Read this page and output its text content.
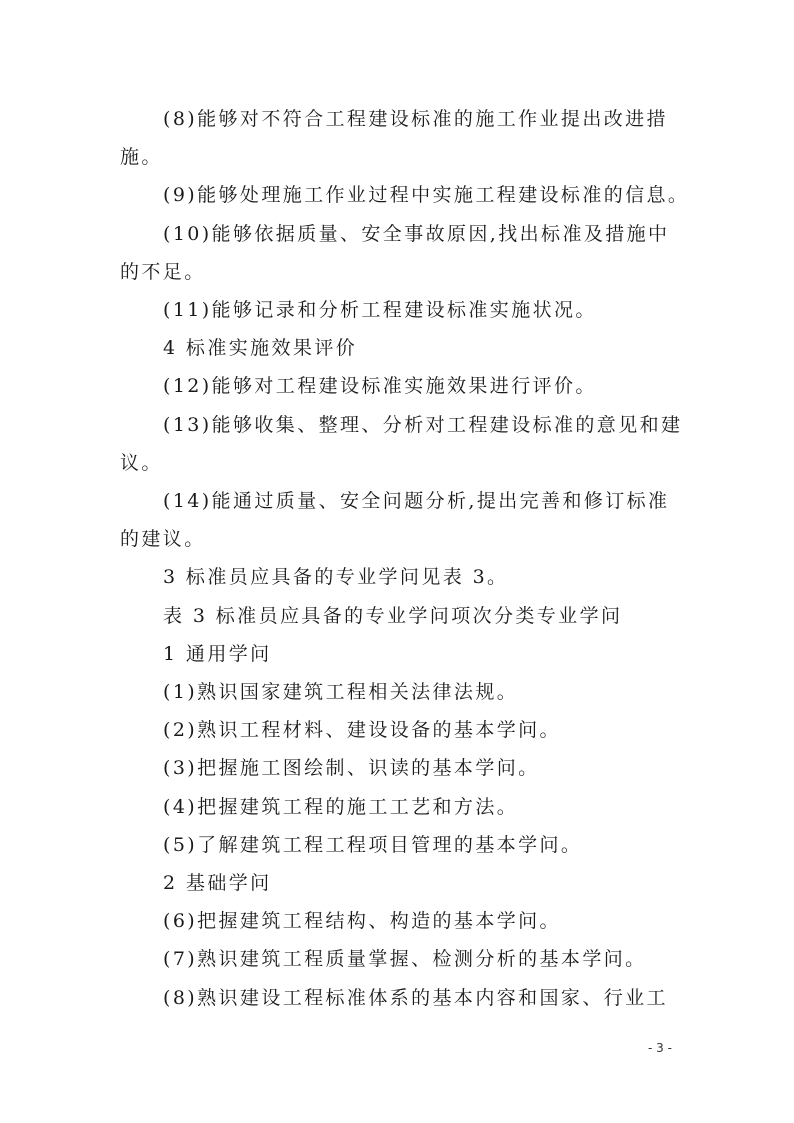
(8)能够对不符合工程建设标准的施工作业提出改进措施。

(9)能够处理施工作业过程中实施工程建设标准的信息。

(10)能够依据质量、安全事故原因,找出标准及措施中的不足。

(11)能够记录和分析工程建设标准实施状况。

4 标准实施效果评价

(12)能够对工程建设标准实施效果进行评价。

(13)能够收集、整理、分析对工程建设标准的意见和建议。

(14)能通过质量、安全问题分析,提出完善和修订标准的建议。

3 标准员应具备的专业学问见表 3。

表 3 标准员应具备的专业学问项次分类专业学问

1 通用学问

(1)熟识国家建筑工程相关法律法规。

(2)熟识工程材料、建设设备的基本学问。

(3)把握施工图绘制、识读的基本学问。

(4)把握建筑工程的施工工艺和方法。

(5)了解建筑工程工程项目管理的基本学问。

2 基础学问

(6)把握建筑工程结构、构造的基本学问。

(7)熟识建筑工程质量掌握、检测分析的基本学问。

(8)熟识建设工程标准体系的基本内容和国家、行业工

- 3 -
